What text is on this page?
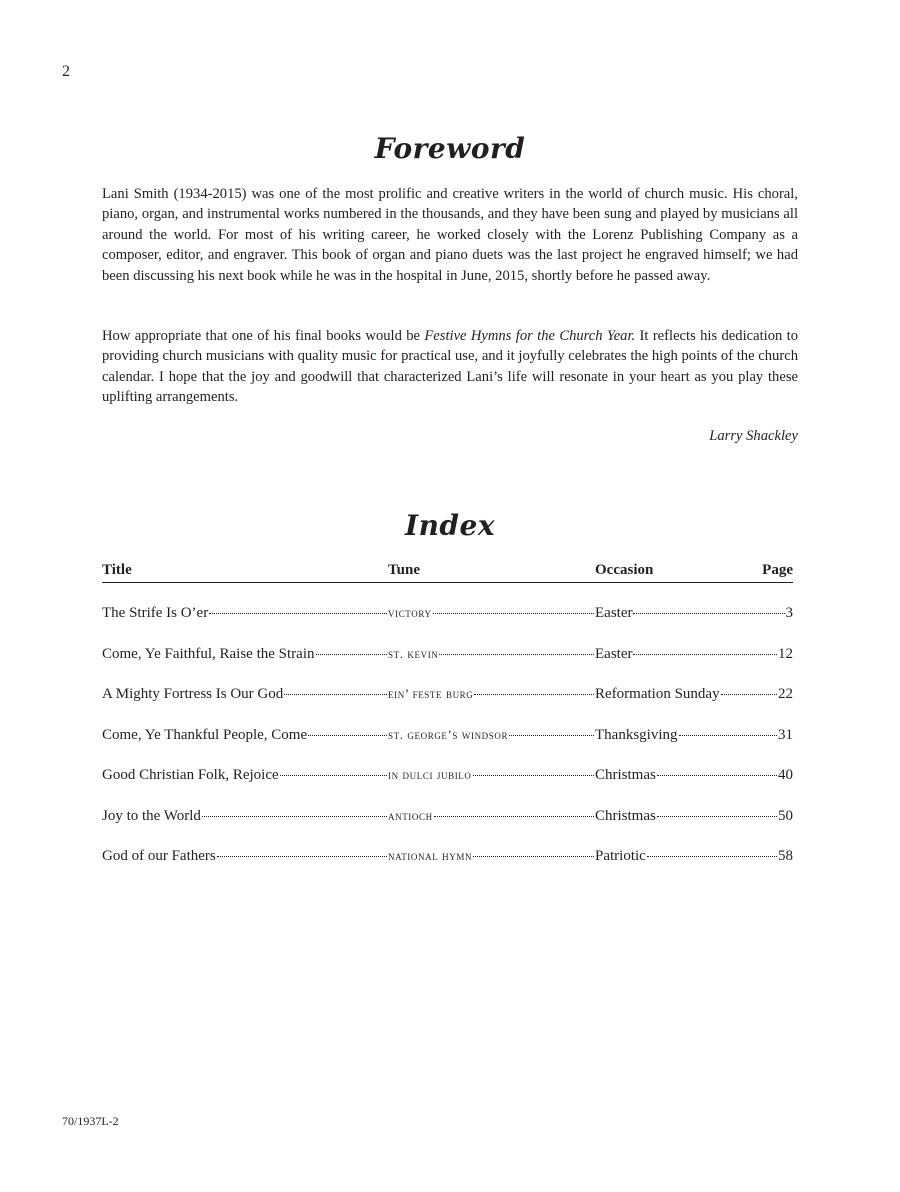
2
Foreword

Lani Smith (1934-2015) was one of the most prolific and creative writers in the world of church music. His choral, piano, organ, and instrumental works numbered in the thousands, and they have been sung and played by musicians all around the world. For most of his writing career, he worked closely with the Lorenz Publishing Company as a composer, editor, and engraver. This book of organ and piano duets was the last project he engraved himself; we had been discussing his next book while he was in the hospital in June, 2015, shortly before he passed away.

How appropriate that one of his final books would be Festive Hymns for the Church Year. It reflects his dedication to providing church musicians with quality music for practical use, and it joyfully celebrates the high points of the church calendar. I hope that the joy and goodwill that characterized Lani’s life will resonate in your heart as you play these uplifting arrangements.

Larry Shackley
Index
Title	Tune	Occasion	Page
The Strife Is O’er	victory	Easter	3
Come, Ye Faithful, Raise the Strain	st. kevin	Easter	12
A Mighty Fortress Is Our God	ein’ feste burg	Reformation Sunday	22
Come, Ye Thankful People, Come	st. george’s windsor	Thanksgiving	31
Good Christian Folk, Rejoice	in dulci jubilo	Christmas	40
Joy to the World	antioch	Christmas	50
God of our Fathers	national hymn	Patriotic	58
70/1937L-2
